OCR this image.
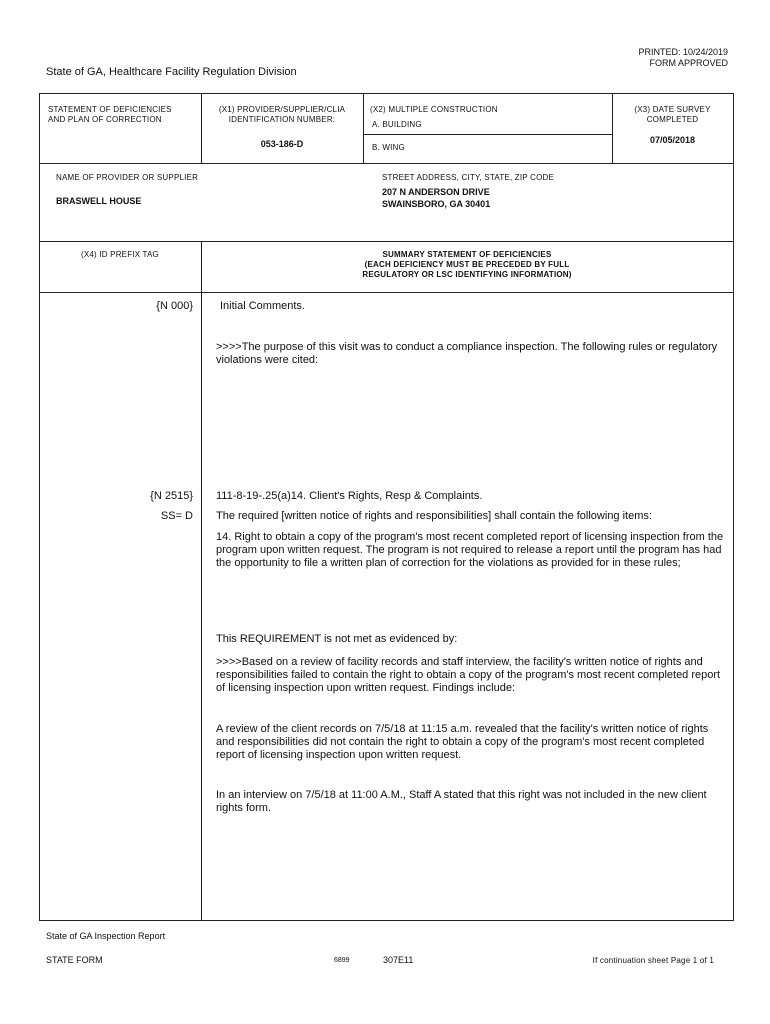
PRINTED: 10/24/2019
FORM APPROVED
State of GA, Healthcare Facility Regulation Division
STATEMENT OF DEFICIENCIES
AND PLAN OF CORRECTION
(X1) PROVIDER/SUPPLIER/CLIA
IDENTIFICATION NUMBER:
053-186-D
(X2) MULTIPLE CONSTRUCTION
A. BUILDING
B. WING
(X3) DATE SURVEY
COMPLETED
07/05/2018
NAME OF PROVIDER OR SUPPLIER
BRASWELL HOUSE
STREET ADDRESS, CITY, STATE, ZIP CODE
207 N ANDERSON DRIVE
SWAINSBORO, GA 30401
(X4) ID PREFIX TAG	SUMMARY STATEMENT OF DEFICIENCIES
(EACH DEFICIENCY MUST BE PRECEDED BY FULL
REGULATORY OR LSC IDENTIFYING INFORMATION)
{N 000} Initial Comments.
>>>>The purpose of this visit was to conduct a compliance inspection. The following rules or regulatory violations were cited:
{N 2515}
SS= D
111-8-19-.25(a)14. Client's Rights, Resp & Complaints.
The required [written notice of rights and responsibilities] shall contain the following items:
14. Right to obtain a copy of the program's most recent completed report of licensing inspection from the program upon written request. The program is not required to release a report until the program has had the opportunity to file a written plan of correction for the violations as provided for in these rules;
This REQUIREMENT is not met as evidenced by:
>>>>Based on a review of facility records and staff interview, the facility's written notice of rights and responsibilities failed to contain the right to obtain a copy of the program's most recent completed report of licensing inspection upon written request. Findings include:
A review of the client records on 7/5/18 at 11:15 a.m. revealed that the facility's written notice of rights and responsibilities did not contain the right to obtain a copy of the program's most recent completed report of licensing inspection upon written request.
In an interview on 7/5/18 at 11:00 A.M., Staff A stated that this right was not included in the new client rights form.
State of GA Inspection Report
STATE FORM	6899	307E11	If continuation sheet Page 1 of 1
